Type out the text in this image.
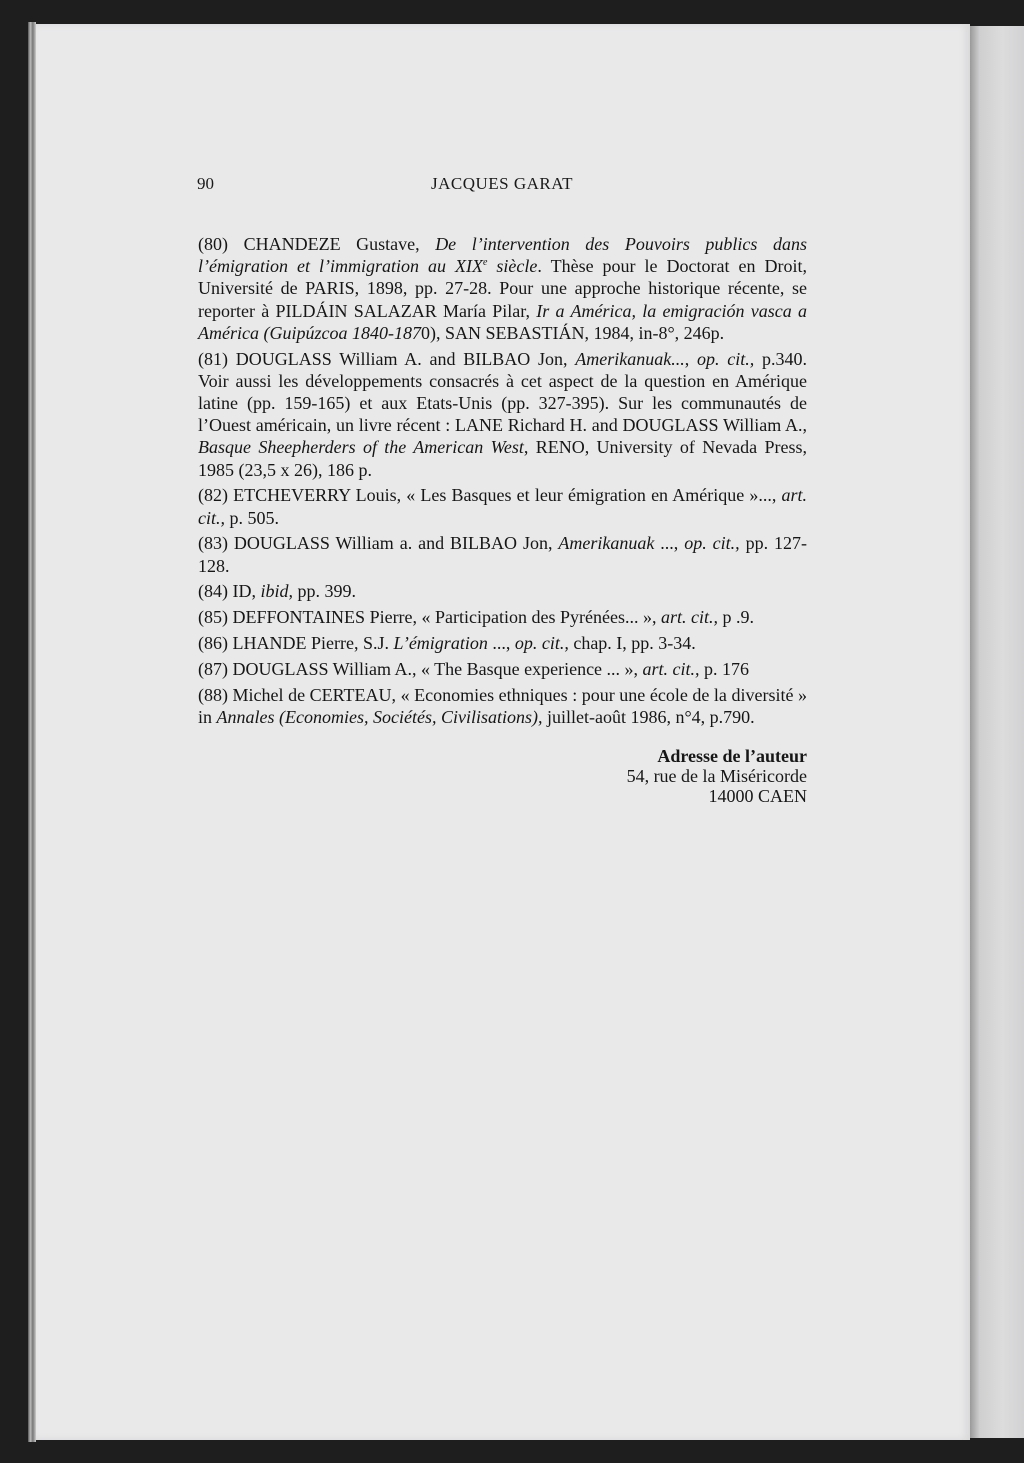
90	JACQUES GARAT

(80) CHANDEZE Gustave, De l’intervention des Pouvoirs publics dans l’émigration et l’immigration au XIXe siècle. Thèse pour le Doctorat en Droit, Université de PARIS, 1898, pp. 27-28. Pour une approche historique récente, se reporter à PILDÁIN SALAZAR María Pilar, Ir a América, la emigración vasca a América (Guipúzcoa 1840-1870), SAN SEBASTIÁN, 1984, in-8°, 246p.

(81) DOUGLASS William A. and BILBAO Jon, Amerikanuak..., op. cit., p.340. Voir aussi les développements consacrés à cet aspect de la question en Amérique latine (pp. 159-165) et aux Etats-Unis (pp. 327-395). Sur les communautés de l’Ouest américain, un livre récent : LANE Richard H. and DOUGLASS William A., Basque Sheepherders of the American West, RENO, University of Nevada Press, 1985 (23,5 x 26), 186 p.

(82) ETCHEVERRY Louis, « Les Basques et leur émigration en Amérique »..., art. cit., p. 505.

(83) DOUGLASS William a. and BILBAO Jon, Amerikanuak ..., op. cit., pp. 127-128.

(84) ID, ibid, pp. 399.

(85) DEFFONTAINES Pierre, « Participation des Pyrénées... », art. cit., p .9.

(86) LHANDE Pierre, S.J. L’émigration ..., op. cit., chap. I, pp. 3-34.

(87) DOUGLASS William A., « The Basque experience ... », art. cit., p. 176

(88) Michel de CERTEAU, « Economies ethniques : pour une école de la diversité » in Annales (Economies, Sociétés, Civilisations), juillet-août 1986, n°4, p.790.

Adresse de l’auteur
54, rue de la Miséricorde
14000 CAEN
